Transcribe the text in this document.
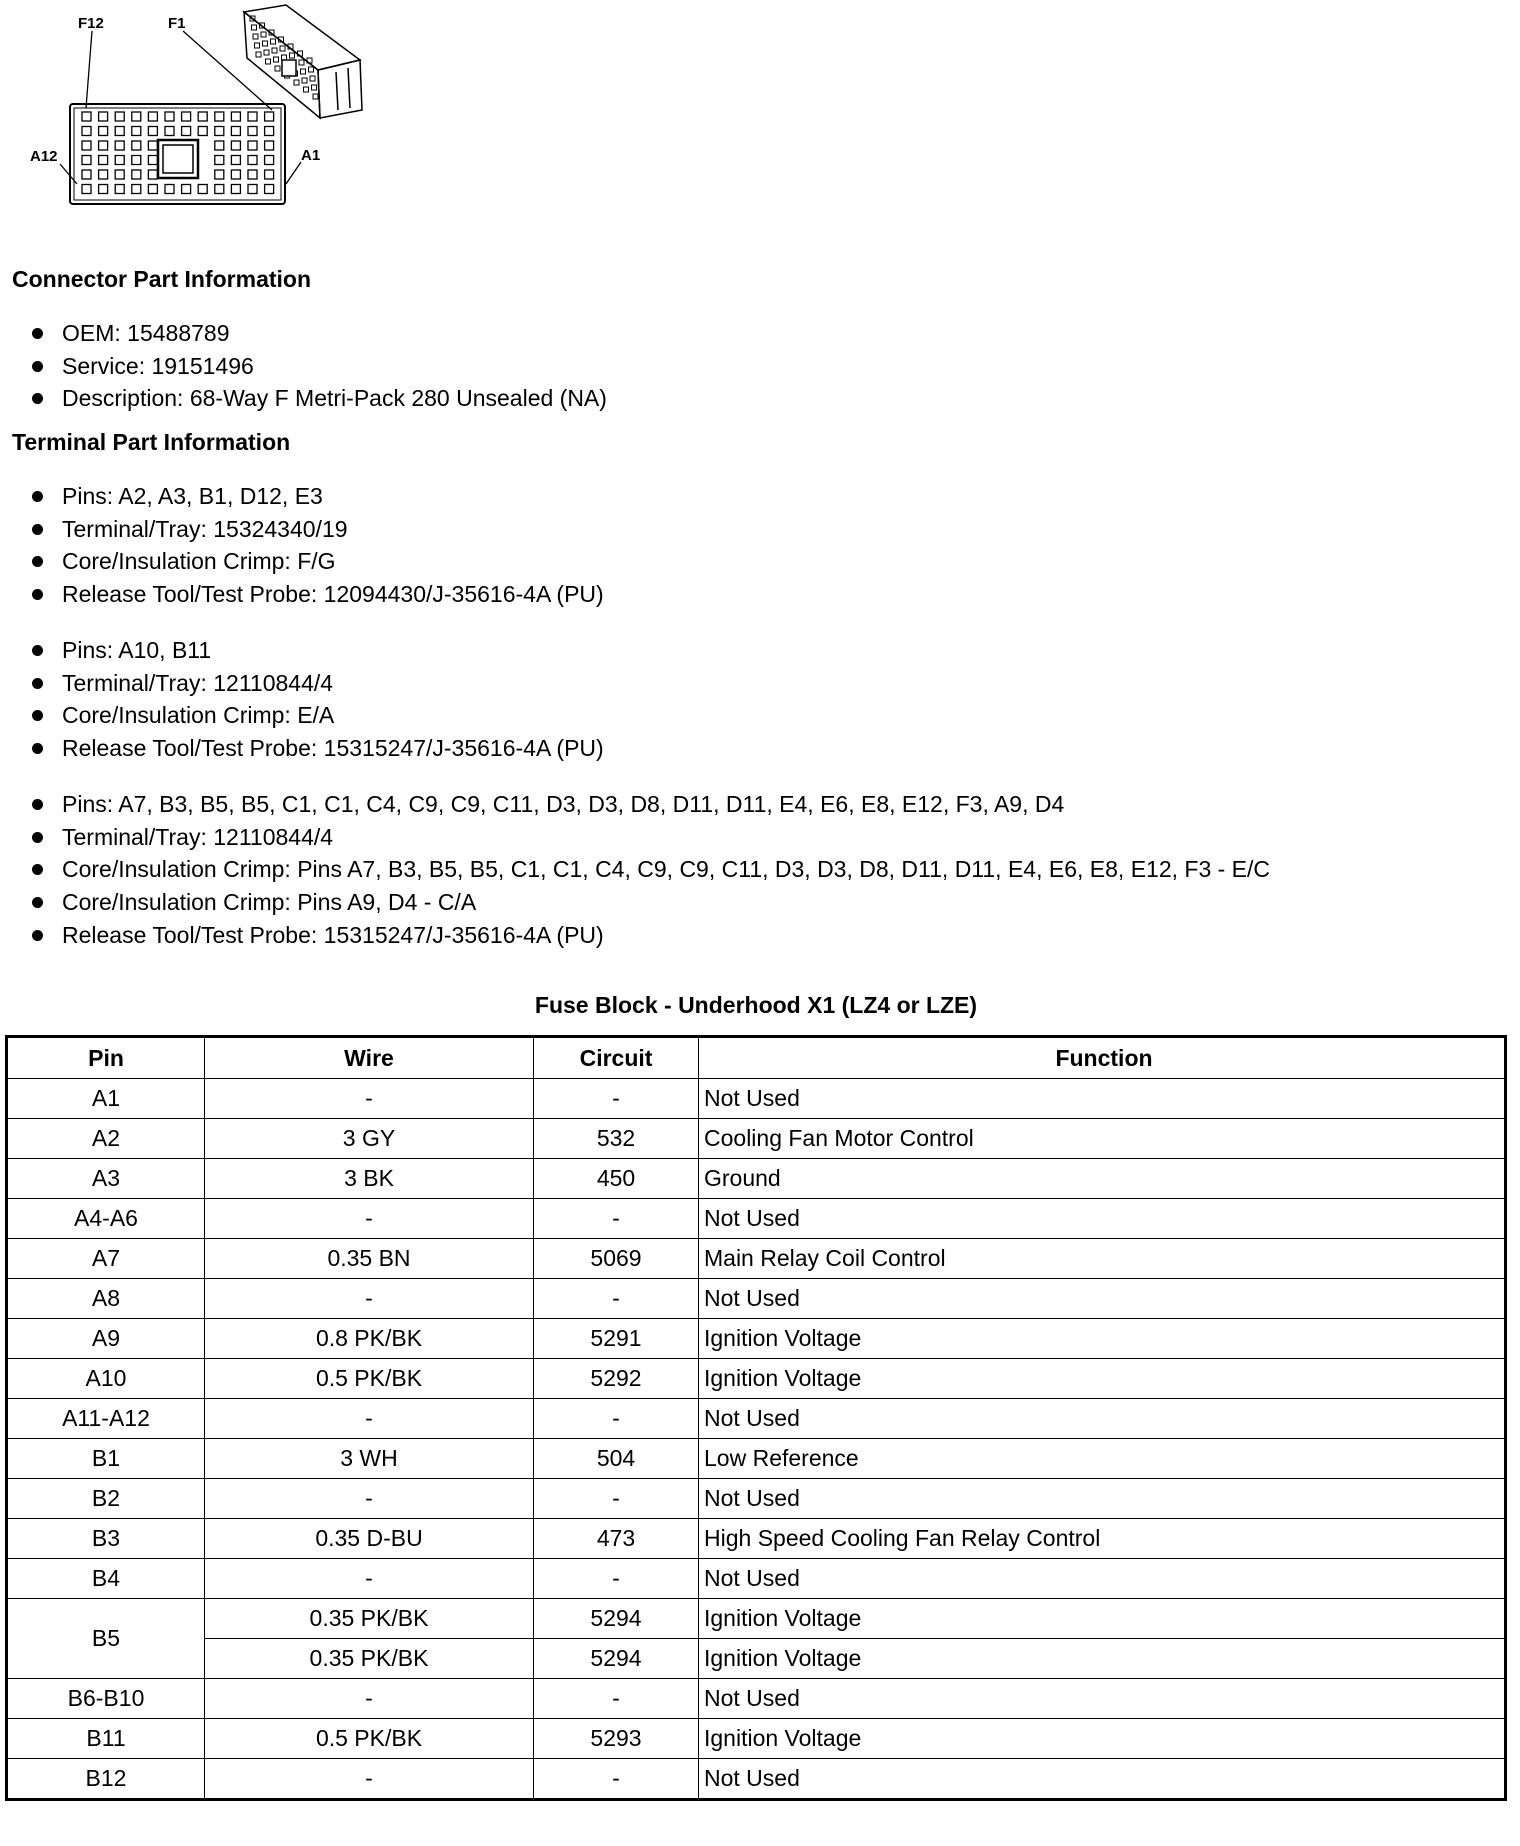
F12	F1
A12	A1
Connector Part Information
OEM: 15488789
Service: 19151496
Description: 68-Way F Metri-Pack 280 Unsealed (NA)
Terminal Part Information
Pins: A2, A3, B1, D12, E3
Terminal/Tray: 15324340/19
Core/Insulation Crimp: F/G
Release Tool/Test Probe: 12094430/J-35616-4A (PU)
Pins: A10, B11
Terminal/Tray: 12110844/4
Core/Insulation Crimp: E/A
Release Tool/Test Probe: 15315247/J-35616-4A (PU)
Pins: A7, B3, B5, B5, C1, C1, C4, C9, C9, C11, D3, D3, D8, D11, D11, E4, E6, E8, E12, F3, A9, D4
Terminal/Tray: 12110844/4
Core/Insulation Crimp: Pins A7, B3, B5, B5, C1, C1, C4, C9, C9, C11, D3, D3, D8, D11, D11, E4, E6, E8, E12, F3 - E/C
Core/Insulation Crimp: Pins A9, D4 - C/A
Release Tool/Test Probe: 15315247/J-35616-4A (PU)
Fuse Block - Underhood X1 (LZ4 or LZE)
Pin	Wire	Circuit	Function
A1	-	-	Not Used
A2	3 GY	532	Cooling Fan Motor Control
A3	3 BK	450	Ground
A4-A6	-	-	Not Used
A7	0.35 BN	5069	Main Relay Coil Control
A8	-	-	Not Used
A9	0.8 PK/BK	5291	Ignition Voltage
A10	0.5 PK/BK	5292	Ignition Voltage
A11-A12	-	-	Not Used
B1	3 WH	504	Low Reference
B2	-	-	Not Used
B3	0.35 D-BU	473	High Speed Cooling Fan Relay Control
B4	-	-	Not Used
B5	0.35 PK/BK	5294	Ignition Voltage
	0.35 PK/BK	5294	Ignition Voltage
B6-B10	-	-	Not Used
B11	0.5 PK/BK	5293	Ignition Voltage
B12	-	-	Not Used
